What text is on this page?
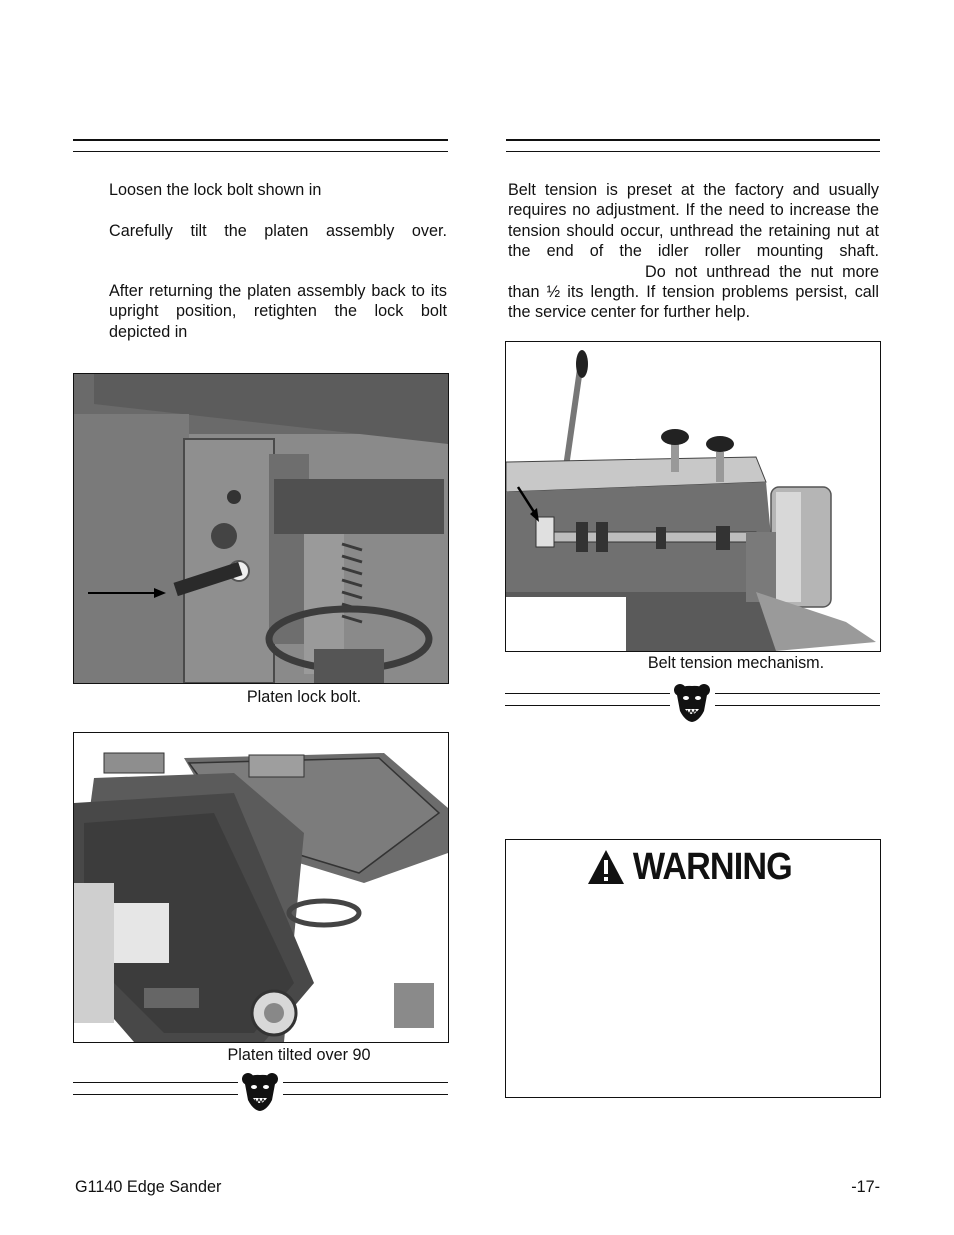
Loosen the lock bolt shown in
Carefully tilt the platen assembly over.
After returning the platen assembly back to its upright position, retighten the lock bolt depicted in
Belt tension is preset at the factory and usually requires no adjustment. If the need to increase the tension should occur, unthread the retaining nut at the end of the idler roller mounting shaft.  Do not unthread the nut more than ½ its length. If tension problems persist, call the service center for further help.
Platen lock bolt.
Platen tilted over 90
Belt tension mechanism.
WARNING
G1140 Edge Sander	-17-
